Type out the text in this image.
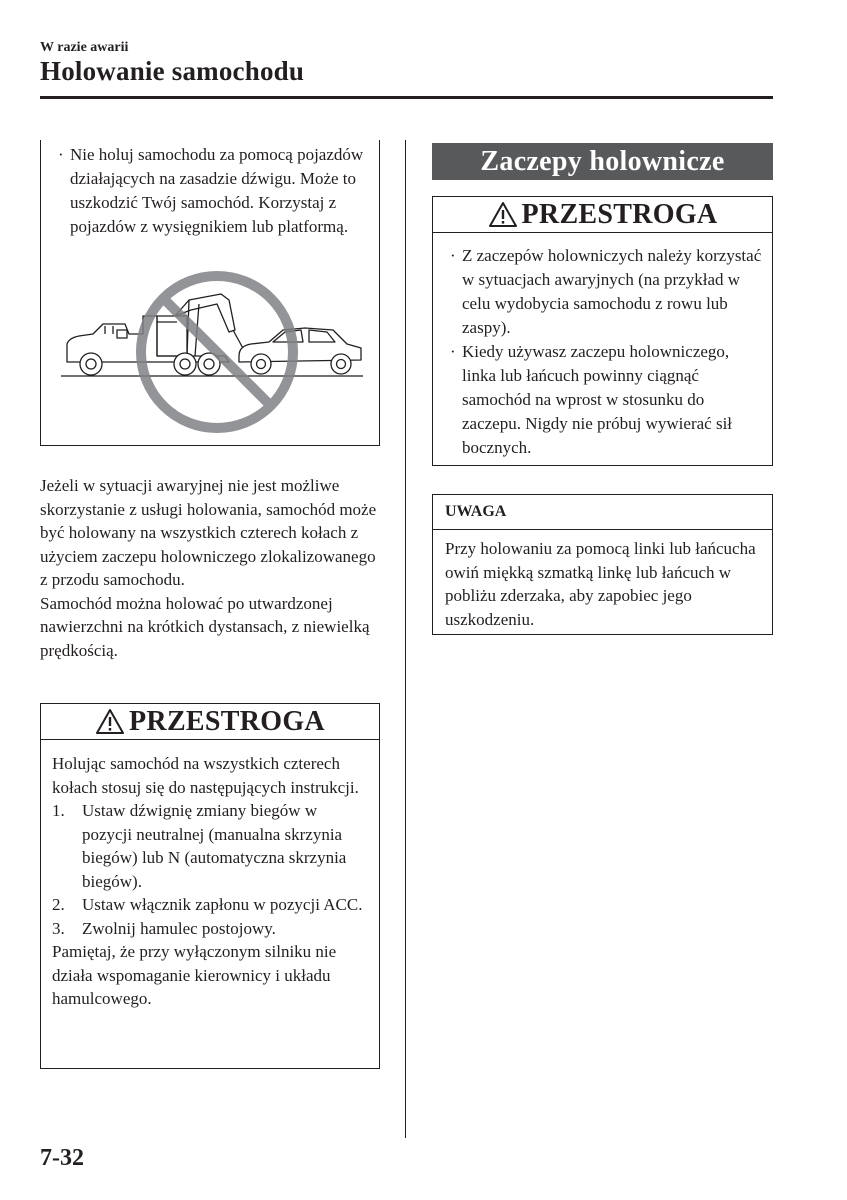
W razie awarii
Holowanie samochodu
· Nie holuj samochodu za pomocą pojazdów działających na zasadzie dźwigu. Może to uszkodzić Twój samochód. Korzystaj z pojazdów z wysięgnikiem lub platformą.

Jeżeli w sytuacji awaryjnej nie jest możliwe skorzystanie z usługi holowania, samochód może być holowany na wszystkich czterech kołach z użyciem zaczepu holowniczego zlokalizowanego z przodu samochodu.

Samochód można holować po utwardzonej nawierzchni na krótkich dystansach, z niewielką prędkością.

PRZESTROGA
Holując samochód na wszystkich czterech kołach stosuj się do następujących instrukcji.
1. Ustaw dźwignię zmiany biegów w pozycji neutralnej (manualna skrzynia biegów) lub N (automatyczna skrzynia biegów).
2. Ustaw włącznik zapłonu w pozycji ACC.
3. Zwolnij hamulec postojowy.
Pamiętaj, że przy wyłączonym silniku nie działa wspomaganie kierownicy i układu hamulcowego.
Zaczepy holownicze
PRZESTROGA
· Z zaczepów holowniczych należy korzystać w sytuacjach awaryjnych (na przykład w celu wydobycia samochodu z rowu lub zaspy).
· Kiedy używasz zaczepu holowniczego, linka lub łańcuch powinny ciągnąć samochód na wprost w stosunku do zaczepu. Nigdy nie próbuj wywierać sił bocznych.
UWAGA
Przy holowaniu za pomocą linki lub łańcucha owiń miękką szmatką linkę lub łańcuch w pobliżu zderzaka, aby zapobiec jego uszkodzeniu.
7-32
